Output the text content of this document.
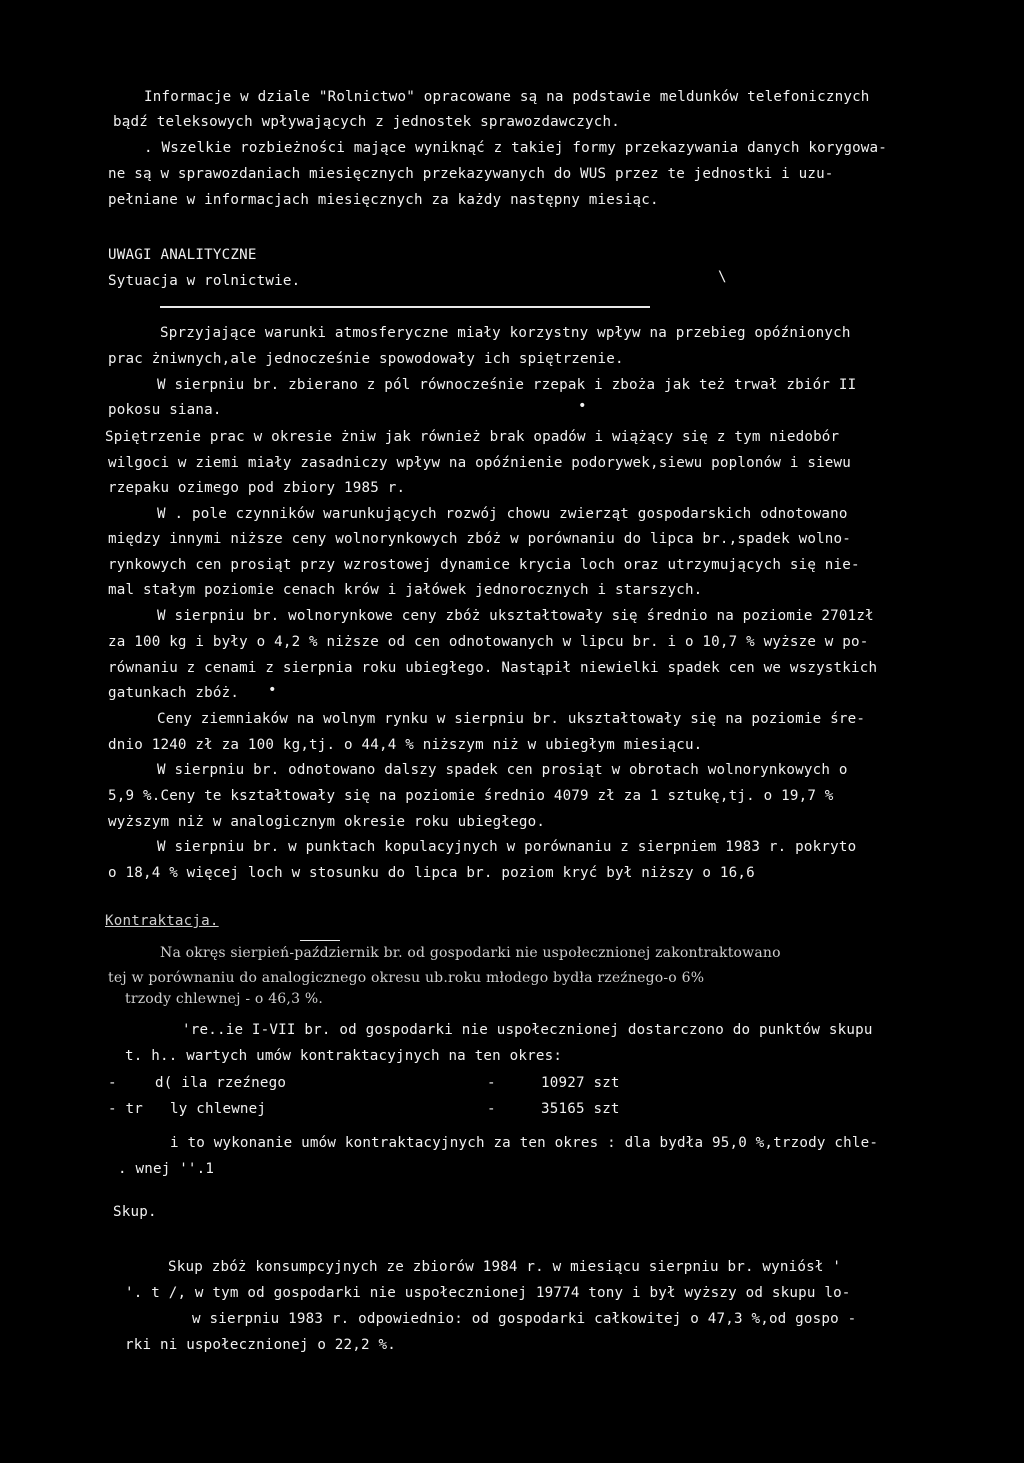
Informacje w dziale "Rolnictwo" opracowane są na podstawie meldunków telefonicznych
bądź teleksowych wpływających z jednostek sprawozdawczych.
. Wszelkie rozbieżności mające wyniknąć z takiej formy przekazywania danych korygowa-
ne są w sprawozdaniach miesięcznych przekazywanych do WUS przez te jednostki i uzu-
pełniane w informacjach miesięcznych za każdy następny miesiąc.
UWAGI ANALITYCZNE
Sytuacja w rolnictwie.	\
Sprzyjające warunki atmosferyczne miały korzystny wpływ na przebieg opóźnionych
prac żniwnych,ale jednocześnie spowodowały ich spiętrzenie.
W sierpniu br. zbierano z pól równocześnie rzepak i zboża jak też trwał zbiór II
pokosu siana.	•
Spiętrzenie prac w okresie żniw jak również brak opadów i wiążący się z tym niedobór
wilgoci w ziemi miały zasadniczy wpływ na opóźnienie podorywek,siewu poplonów i siewu
rzepaku ozimego pod zbiory 1985 r.
W . pole czynników warunkujących rozwój chowu zwierząt gospodarskich odnotowano
między innymi niższe ceny wolnorynkowych zbóż w porównaniu do lipca br.,spadek wolno-
rynkowych cen prosiąt przy wzrostowej dynamice krycia loch oraz utrzymujących się nie-
mal stałym poziomie cenach krów i jałówek jednorocznych i starszych.
W sierpniu br. wolnorynkowe ceny zbóż ukształtowały się średnio na poziomie 2701zł
za 100 kg i były o 4,2 % niższe od cen odnotowanych w lipcu br. i o 10,7 % wyższe w po-
równaniu z cenami z sierpnia roku ubiegłego. Nastąpił niewielki spadek cen we wszystkich
gatunkach zbóż. •
Ceny ziemniaków na wolnym rynku w sierpniu br. ukształtowały się na poziomie śre-
dnio 1240 zł za 100 kg,tj. o 44,4 % niższym niż w ubiegłym miesiącu.
W sierpniu br. odnotowano dalszy spadek cen prosiąt w obrotach wolnorynkowych o
5,9 %.Ceny te kształtowały się na poziomie średnio 4079 zł za 1 sztukę,tj. o 19,7 %
wyższym niż w analogicznym okresie roku ubiegłego.
W sierpniu br. w punktach kopulacyjnych w porównaniu z sierpniem 1983 r. pokryto
o 18,4 % więcej loch w stosunku do lipca br. poziom kryć był niższy o 16,6
Kontraktacja.
Na okręs sierpień-październik br. od gospodarki nie uspołecznionej zakontraktowano
tej w porównaniu do analogicznego okresu ub.roku młodego bydła rzeźnego-o 6%
trzody chlewnej - o 46,3 %.
're..ie I-VII br. od gospodarki nie uspołecznionej dostarczono do punktów skupu
t. h.. wartych umów kontraktacyjnych na ten okres:
-	d( ila rzeźnego	-	10927 szt
- tr ly chlewnej	-	35165 szt
i to wykonanie umów kontraktacyjnych za ten okres : dla bydła 95,0 %,trzody chle-
. wnej ''.1
Skup.
Skup zbóż konsumpcyjnych ze zbiorów 1984 r. w miesiącu sierpniu br. wyniósł '
'. t /, w tym od gospodarki nie uspołecznionej 19774 tony i był wyższy od skupu lo-
w sierpniu 1983 r. odpowiednio: od gospodarki całkowitej o 47,3 %,od gospo -
rki ni uspołecznionej o 22,2 %.
